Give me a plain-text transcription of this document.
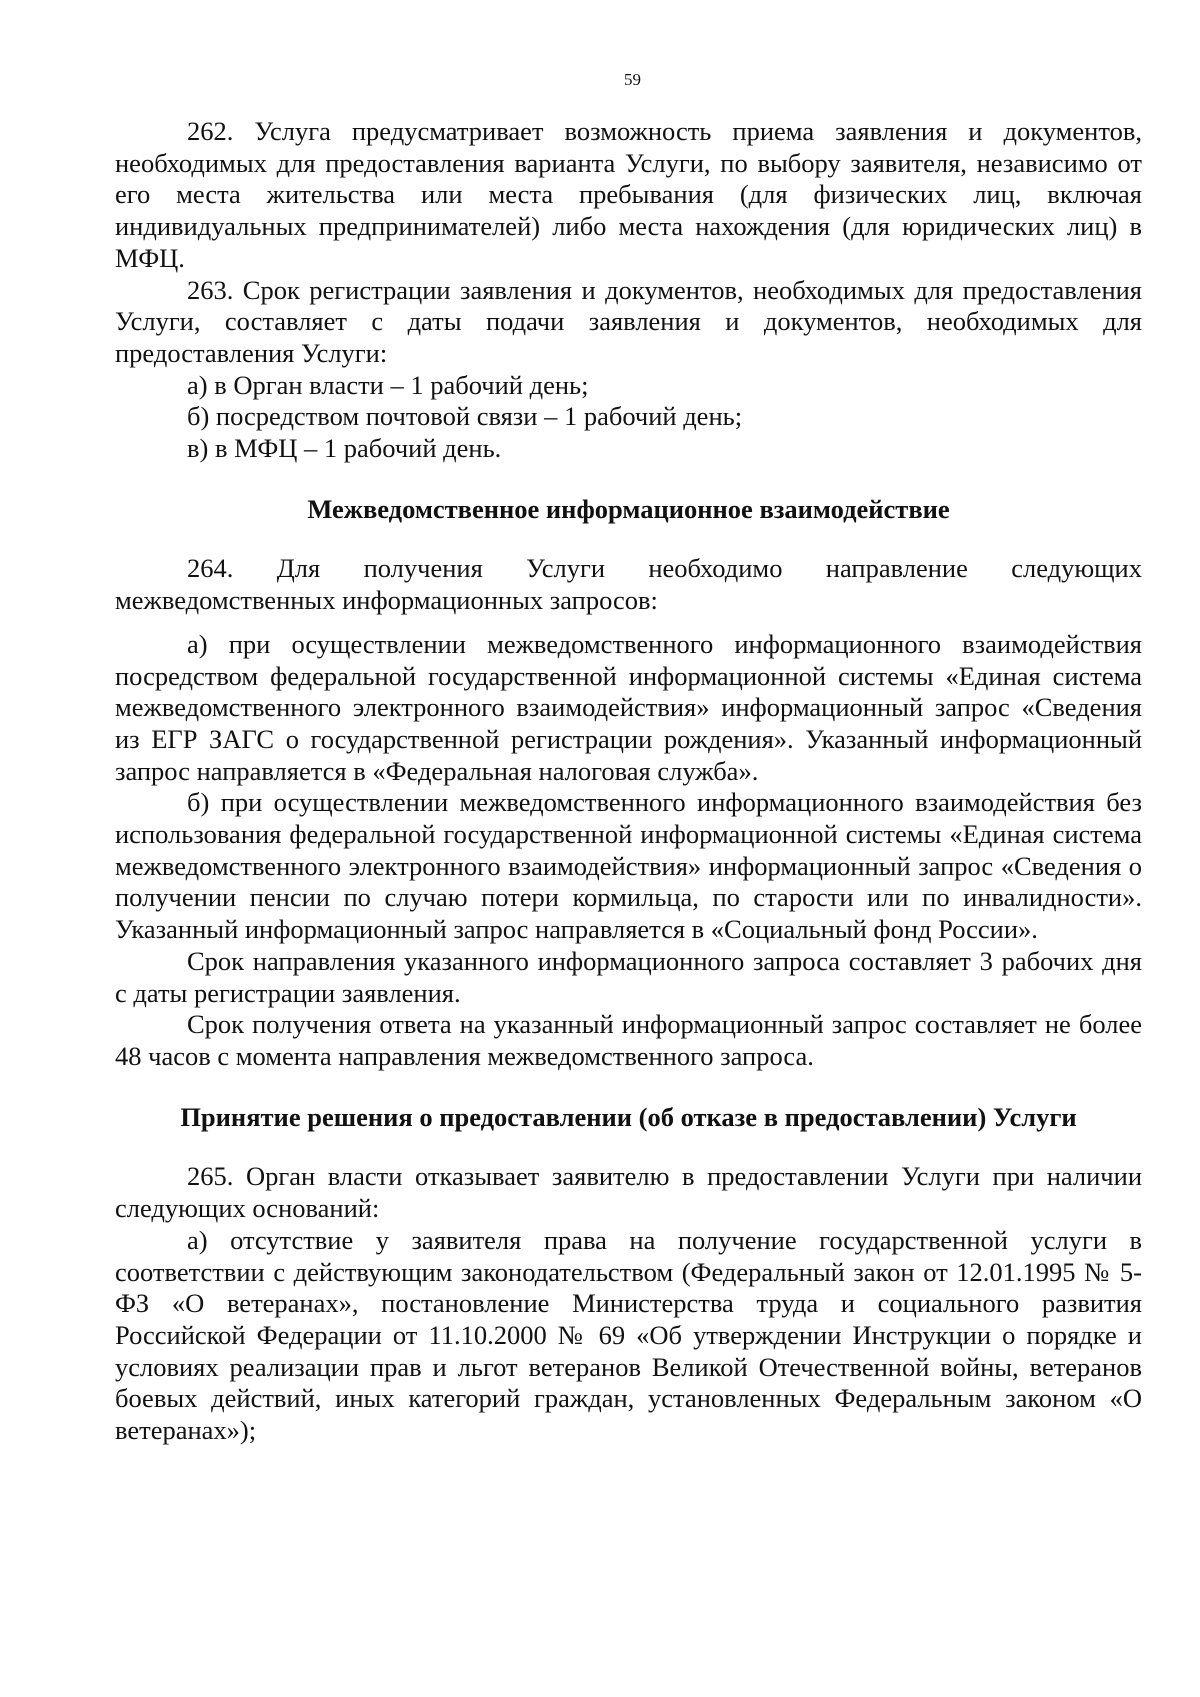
59

262. Услуга предусматривает возможность приема заявления и документов, необходимых для предоставления варианта Услуги, по выбору заявителя, независимо от его места жительства или места пребывания (для физических лиц, включая индивидуальных предпринимателей) либо места нахождения (для юридических лиц) в МФЦ.

263. Срок регистрации заявления и документов, необходимых для предоставления Услуги, составляет с даты подачи заявления и документов, необходимых для предоставления Услуги:

а) в Орган власти – 1 рабочий день;

б) посредством почтовой связи – 1 рабочий день;

в) в МФЦ – 1 рабочий день.

Межведомственное информационное взаимодействие

264. Для получения Услуги необходимо направление следующих межведомственных информационных запросов:

а) при осуществлении межведомственного информационного взаимодействия посредством федеральной государственной информационной системы «Единая система межведомственного электронного взаимодействия» информационный запрос «Сведения из ЕГР ЗАГС о государственной регистрации рождения». Указанный информационный запрос направляется в «Федеральная налоговая служба».

б) при осуществлении межведомственного информационного взаимодействия без использования федеральной государственной информационной системы «Единая система межведомственного электронного взаимодействия» информационный запрос «Сведения о получении пенсии по случаю потери кормильца, по старости или по инвалидности». Указанный информационный запрос направляется в «Социальный фонд России».

Срок направления указанного информационного запроса составляет 3 рабочих дня с даты регистрации заявления.

Срок получения ответа на указанный информационный запрос составляет не более 48 часов с момента направления межведомственного запроса.

Принятие решения о предоставлении (об отказе в предоставлении) Услуги

265. Орган власти отказывает заявителю в предоставлении Услуги при наличии следующих оснований:

а) отсутствие у заявителя права на получение государственной услуги в соответствии с действующим законодательством (Федеральный закон от 12.01.1995 № 5-ФЗ «О ветеранах», постановление Министерства труда и социального развития Российской Федерации от 11.10.2000 № 69 «Об утверждении Инструкции о порядке и условиях реализации прав и льгот ветеранов Великой Отечественной войны, ветеранов боевых действий, иных категорий граждан, установленных Федеральным законом «О ветеранах»);
